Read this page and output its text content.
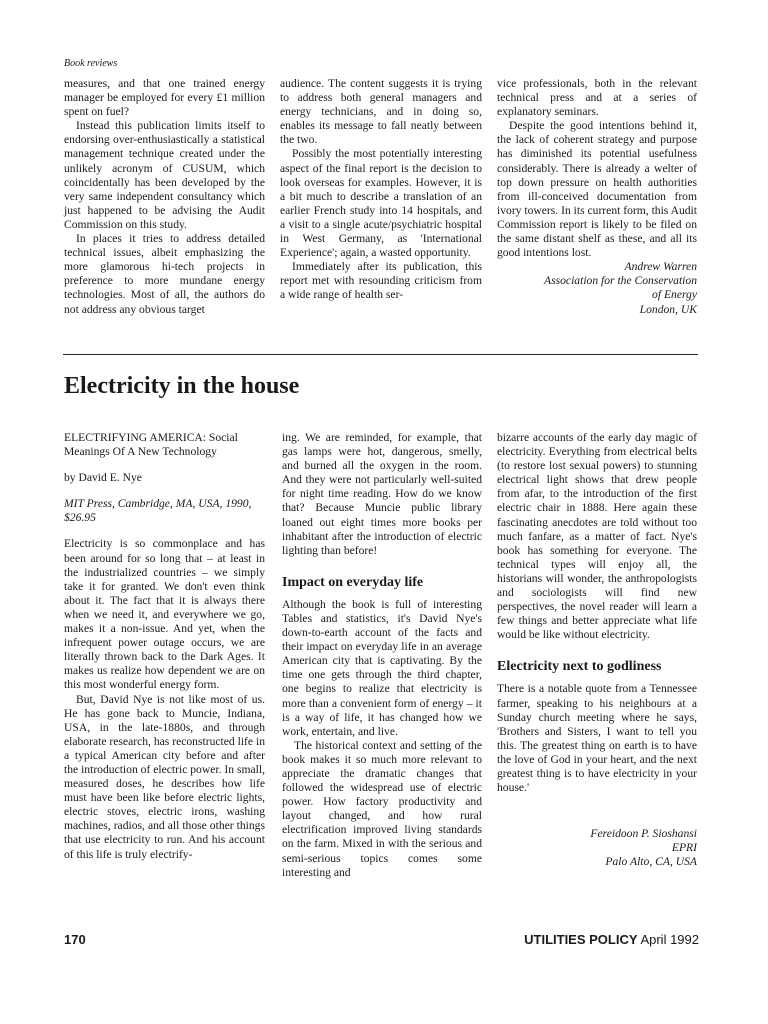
Book reviews

measures, and that one trained energy manager be employed for every £1 million spent on fuel?

Instead this publication limits itself to endorsing over-enthusiastically a statistical management technique created under the unlikely acronym of CUSUM, which coincidentally has been developed by the very same independent consultancy which just happened to be advising the Audit Commission on this study.

In places it tries to address detailed technical issues, albeit emphasizing the more glamorous hi-tech projects in preference to more mundane energy technologies. Most of all, the authors do not address any obvious target

audience. The content suggests it is trying to address both general managers and energy technicians, and in doing so, enables its message to fall neatly between the two.

Possibly the most potentially interesting aspect of the final report is the decision to look overseas for examples. However, it is a bit much to describe a translation of an earlier French study into 14 hospitals, and a visit to a single acute/psychiatric hospital in West Germany, as 'International Experience'; again, a wasted opportunity.

Immediately after its publication, this report met with resounding criticism from a wide range of health ser-

vice professionals, both in the relevant technical press and at a series of explanatory seminars.

Despite the good intentions behind it, the lack of coherent strategy and purpose has diminished its potential usefulness considerably. There is already a welter of top down pressure on health authorities from ill-conceived documentation from ivory towers. In its current form, this Audit Commission report is likely to be filed on the same distant shelf as these, and all its good intentions lost.

Andrew Warren

Association for the Conservation

of Energy

London, UK

Electricity in the house

ELECTRIFYING AMERICA: Social Meanings Of A New Technology

by David E. Nye

MIT Press, Cambridge, MA, USA, 1990, $26.95

Electricity is so commonplace and has been around for so long that – at least in the industrialized countries – we simply take it for granted. We don't even think about it. The fact that it is always there when we need it, and everywhere we go, makes it a non-issue. And yet, when the infrequent power outage occurs, we are literally thrown back to the Dark Ages. It makes us realize how dependent we are on this most wonderful energy form.

But, David Nye is not like most of us. He has gone back to Muncie, Indiana, USA, in the late-1880s, and through elaborate research, has reconstructed life in a typical American city before and after the introduction of electric power. In small, measured doses, he describes how life must have been like before electric lights, electric stoves, electric irons, washing machines, radios, and all those other things that use electricity to run. And his account of this life is truly electrify-

ing. We are reminded, for example, that gas lamps were hot, dangerous, smelly, and burned all the oxygen in the room. And they were not particularly well-suited for night time reading. How do we know that? Because Muncie public library loaned out eight times more books per inhabitant after the introduction of electric lighting than before!

Impact on everyday life

Although the book is full of interesting Tables and statistics, it's David Nye's down-to-earth account of the facts and their impact on everyday life in an average American city that is captivating. By the time one gets through the third chapter, one begins to realize that electricity is more than a convenient form of energy – it is a way of life, it has changed how we work, entertain, and live.

The historical context and setting of the book makes it so much more relevant to appreciate the dramatic changes that followed the widespread use of electric power. How factory productivity and layout changed, and how rural electrification improved living standards on the farm. Mixed in with the serious and semi-serious topics comes some interesting and

bizarre accounts of the early day magic of electricity. Everything from electrical belts (to restore lost sexual powers) to stunning electrical light shows that drew people from afar, to the introduction of the first electric chair in 1888. Here again these fascinating anecdotes are told without too much fanfare, as a matter of fact. Nye's book has something for everyone. The technical types will enjoy all, the historians will wonder, the anthropologists and sociologists will find new perspectives, the novel reader will learn a few things and better appreciate what life would be like without electricity.

Electricity next to godliness

There is a notable quote from a Tennessee farmer, speaking to his neighbours at a Sunday church meeting where he says, 'Brothers and Sisters, I want to tell you this. The greatest thing on earth is to have the love of God in your heart, and the next greatest thing is to have electricity in your house.'

Fereidoon P. Sioshansi

EPRI

Palo Alto, CA, USA

170	UTILITIES POLICY April 1992
